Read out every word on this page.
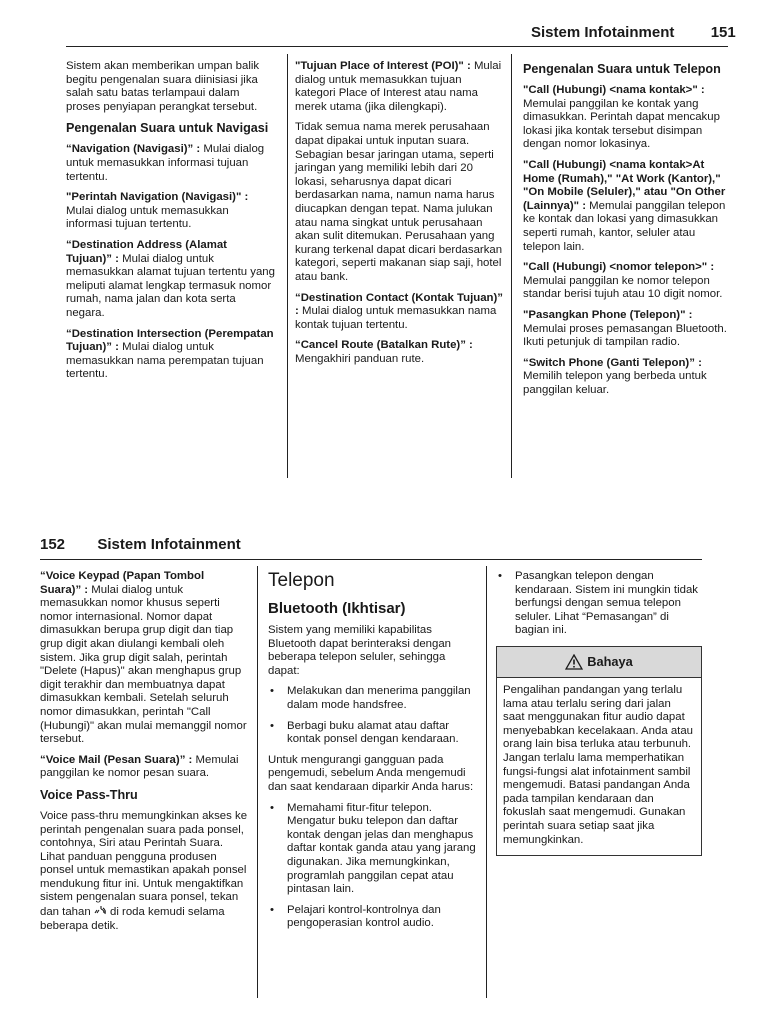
Sistem Infotainment 151

Sistem akan memberikan umpan balik begitu pengenalan suara diinisiasi jika salah satu batas terlampaui dalam proses penyiapan perangkat tersebut.

Pengenalan Suara untuk Navigasi

“Navigation (Navigasi)” : Mulai dialog untuk memasukkan informasi tujuan tertentu.

"Perintah Navigation (Navigasi)" : Mulai dialog untuk memasukkan informasi tujuan tertentu.

“Destination Address (Alamat Tujuan)” : Mulai dialog untuk memasukkan alamat tujuan tertentu yang meliputi alamat lengkap termasuk nomor rumah, nama jalan dan kota serta negara.

“Destination Intersection (Perempatan Tujuan)” : Mulai dialog untuk memasukkan nama perempatan tujuan tertentu.

"Tujuan Place of Interest (POI)" : Mulai dialog untuk memasukkan tujuan kategori Place of Interest atau nama merek utama (jika dilengkapi).

Tidak semua nama merek perusahaan dapat dipakai untuk inputan suara. Sebagian besar jaringan utama, seperti jaringan yang memiliki lebih dari 20 lokasi, seharusnya dapat dicari berdasarkan nama, namun nama harus diucapkan dengan tepat. Nama julukan atau nama singkat untuk perusahaan akan sulit ditemukan. Perusahaan yang kurang terkenal dapat dicari berdasarkan kategori, seperti makanan siap saji, hotel atau bank.

“Destination Contact (Kontak Tujuan)” : Mulai dialog untuk memasukkan nama kontak tujuan tertentu.

“Cancel Route (Batalkan Rute)” : Mengakhiri panduan rute.

Pengenalan Suara untuk Telepon

"Call (Hubungi) <nama kontak>" : Memulai panggilan ke kontak yang dimasukkan. Perintah dapat mencakup lokasi jika kontak tersebut disimpan dengan nomor lokasinya.

"Call (Hubungi) <nama kontak>At Home (Rumah)," "At Work (Kantor)," "On Mobile (Seluler)," atau "On Other (Lainnya)" : Memulai panggilan telepon ke kontak dan lokasi yang dimasukkan seperti rumah, kantor, seluler atau telepon lain.

"Call (Hubungi) <nomor telepon>" : Memulai panggilan ke nomor telepon standar berisi tujuh atau 10 digit nomor.

"Pasangkan Phone (Telepon)" : Memulai proses pemasangan Bluetooth. Ikuti petunjuk di tampilan radio.

“Switch Phone (Ganti Telepon)” : Memilih telepon yang berbeda untuk panggilan keluar.

152 Sistem Infotainment

“Voice Keypad (Papan Tombol Suara)” : Mulai dialog untuk memasukkan nomor khusus seperti nomor internasional. Nomor dapat dimasukkan berupa grup digit dan tiap grup digit akan diulangi kembali oleh sistem. Jika grup digit salah, perintah "Delete (Hapus)" akan menghapus grup digit terakhir dan membuatnya dapat dimasukkan kembali. Setelah seluruh nomor dimasukkan, perintah "Call (Hubungi)" akan mulai memanggil nomor tersebut.

“Voice Mail (Pesan Suara)” : Memulai panggilan ke nomor pesan suara.

Voice Pass-Thru

Voice pass-thru memungkinkan akses ke perintah pengenalan suara pada ponsel, contohnya, Siri atau Perintah Suara. Lihat panduan pengguna produsen ponsel untuk memastikan apakah ponsel mendukung fitur ini. Untuk mengaktifkan sistem pengenalan suara ponsel, tekan dan tahan  di roda kemudi selama beberapa detik.

Telepon
Bluetooth (Ikhtisar)

Sistem yang memiliki kapabilitas Bluetooth dapat berinteraksi dengan beberapa telepon seluler, sehingga dapat:

• Melakukan dan menerima panggilan dalam mode handsfree.
• Berbagi buku alamat atau daftar kontak ponsel dengan kendaraan.

Untuk mengurangi gangguan pada pengemudi, sebelum Anda mengemudi dan saat kendaraan diparkir Anda harus:

• Memahami fitur-fitur telepon. Mengatur buku telepon dan daftar kontak dengan jelas dan menghapus daftar kontak ganda atau yang jarang digunakan. Jika memungkinkan, programlah panggilan cepat atau pintasan lain.
• Pelajari kontrol-kontrolnya dan pengoperasian kontrol audio.
• Pasangkan telepon dengan kendaraan. Sistem ini mungkin tidak berfungsi dengan semua telepon seluler. Lihat “Pemasangan” di bagian ini.
Bahaya
Pengalihan pandangan yang terlalu lama atau terlalu sering dari jalan saat menggunakan fitur audio dapat menyebabkan kecelakaan. Anda atau orang lain bisa terluka atau terbunuh. Jangan terlalu lama memperhatikan fungsi-fungsi alat infotainment sambil mengemudi. Batasi pandangan Anda pada tampilan kendaraan dan fokuslah saat mengemudi. Gunakan perintah suara setiap saat jika memungkinkan.
